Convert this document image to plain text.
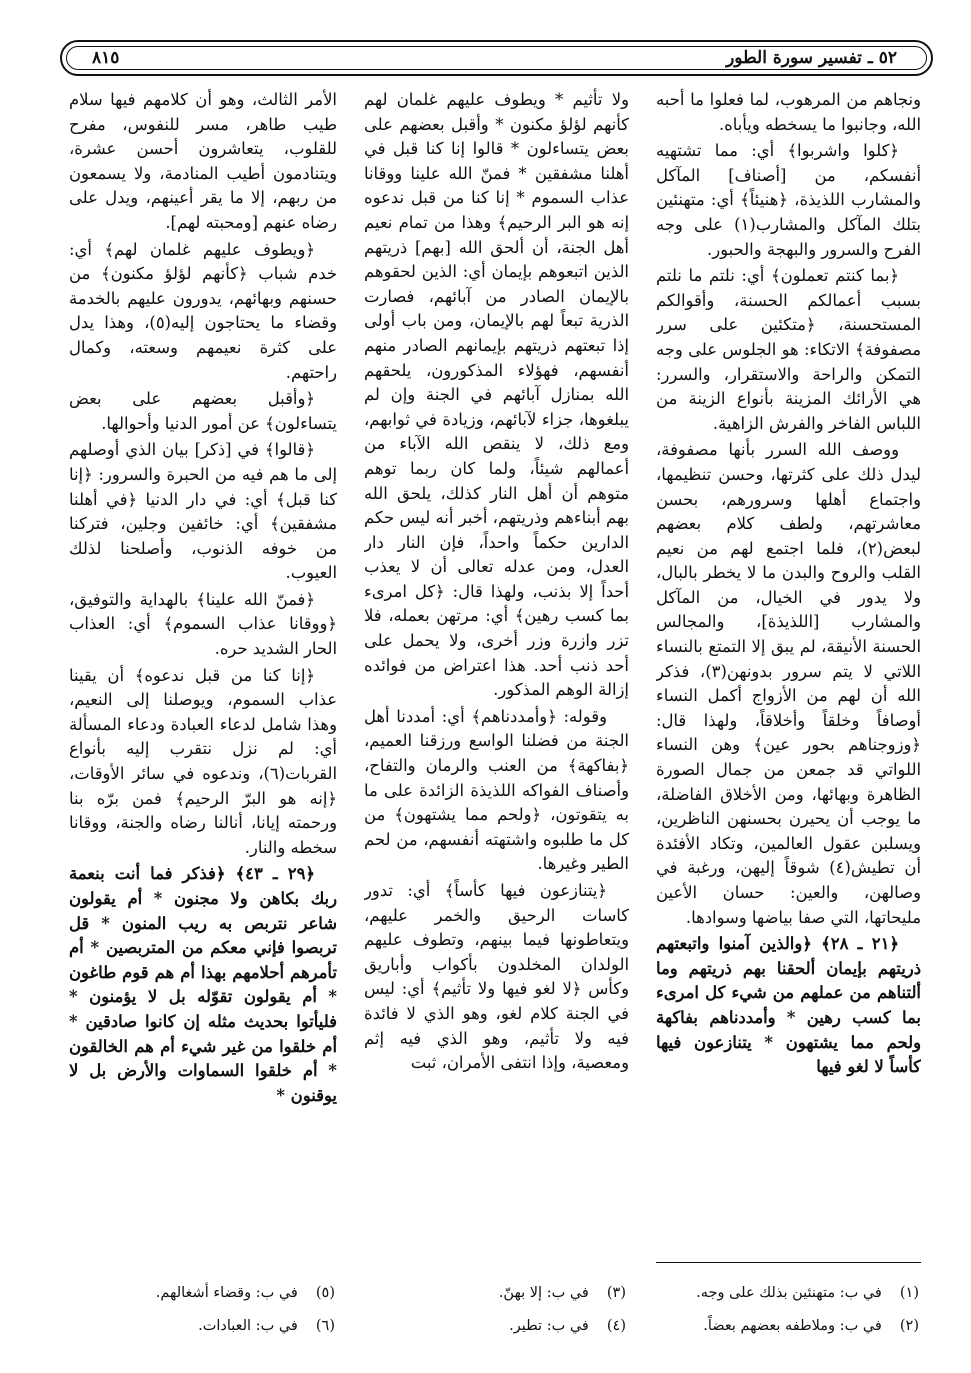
٥٢ ـ تفسير سورة الطور
٨١٥

ونجاهم من المرهوب، لما فعلوا ما أحبه الله، وجانبوا ما يسخطه ويأباه.

﴿كلوا واشربوا﴾ أي: مما تشتهيه أنفسكم، من [أصناف] المآكل والمشارب اللذيذة، ﴿هنيئاً﴾ أي: متهنئين بتلك المآكل والمشارب(١) على وجه الفرح والسرور والبهجة والحبور.

﴿بما كنتم تعملون﴾ أي: نلتم ما نلتم بسبب أعمالكم الحسنة، وأقوالكم المستحسنة، ﴿متكئين على سرر مصفوفة﴾ الاتكاء: هو الجلوس على وجه التمكن والراحة والاستقرار، والسرر: هي الأرائك المزينة بأنواع الزينة من اللباس الفاخر والفرش الزاهية.

ووصف الله السرر بأنها مصفوفة، ليدل ذلك على كثرتها، وحسن تنظيمها، واجتماع أهلها وسرورهم، بحسن معاشرتهم، ولطف كلام بعضهم لبعض(٢)، فلما اجتمع لهم من نعيم القلب والروح والبدن ما لا يخطر بالبال، ولا يدور في الخيال، من المآكل والمشارب [اللذيذة]، والمجالس الحسنة الأنيقة، لم يبق إلا التمتع بالنساء اللاتي لا يتم سرور بدونهن(٣)، فذكر الله أن لهم من الأزواج أكمل النساء أوصافاً وخلقاً وأخلاقاً، ولهذا قال: ﴿وزوجناهم بحور عين﴾ وهن النساء اللواتي قد جمعن من جمال الصورة الظاهرة وبهائها، ومن الأخلاق الفاضلة، ما يوجب أن يحيرن بحسنهن الناظرين، ويسلبن عقول العالمين، وتكاد الأفئدة أن تطيش(٤) شوقاً إليهن، ورغبة في وصالهن، والعين: حسان الأعين مليحاتها، التي صفا بياضها وسوادها.

﴿٢١ ـ ٢٨﴾ ﴿والذين آمنوا واتبعتهم ذريتهم بإيمان ألحقنا بهم ذريتهم وما ألتناهم من عملهم من شيء كل امرىء بما كسب رهين * وأمددناهم بفاكهة ولحم مما يشتهون * يتنازعون فيها كأساً لا لغو فيها

ولا تأثيم * ويطوف عليهم غلمان لهم كأنهم لؤلؤ مكنون * وأقبل بعضهم على بعض يتساءلون * قالوا إنا كنا قبل في أهلنا مشفقين * فمنّ الله علينا ووقانا عذاب السموم * إنا كنا من قبل ندعوه إنه هو البر الرحيم﴾ وهذا من تمام نعيم أهل الجنة، أن ألحق الله [بهم] ذريتهم الذين اتبعوهم بإيمان أي: الذين لحقوهم بالإيمان الصادر من آبائهم، فصارت الذرية تبعاً لهم بالإيمان، ومن باب أولى إذا تبعتهم ذريتهم بإيمانهم الصادر منهم أنفسهم، فهؤلاء المذكورون، يلحقهم الله بمنازل آبائهم في الجنة وإن لم يبلغوها، جزاء لآبائهم، وزيادة في ثوابهم، ومع ذلك، لا ينقص الله الآباء من أعمالهم شيئاً، ولما كان ربما توهم متوهم أن أهل النار كذلك، يلحق الله بهم أبناءهم وذريتهم، أخبر أنه ليس حكم الدارين حكماً واحداً، فإن النار دار العدل، ومن عدله تعالى أن لا يعذب أحداً إلا بذنب، ولهذا قال: ﴿كل امرىء بما كسب رهين﴾ أي: مرتهن بعمله، فلا تزر وازرة وزر أخرى، ولا يحمل على أحد ذنب أحد. هذا اعتراض من فوائده إزالة الوهم المذكور.

وقوله: ﴿وأمددناهم﴾ أي: أمددنا أهل الجنة من فضلنا الواسع ورزقنا العميم، ﴿بفاكهة﴾ من العنب والرمان والتفاح، وأصناف الفواكه اللذيذة الزائدة على ما به يتقوتون، ﴿ولحم مما يشتهون﴾ من كل ما طلبوه واشتهته أنفسهم، من لحم الطير وغيرها.

﴿يتنازعون فيها كأساً﴾ أي: تدور كاسات الرحيق والخمر عليهم، ويتعاطونها فيما بينهم، وتطوف عليهم الولدان المخلدون بأكواب وأباريق وكأس ﴿لا لغو فيها ولا تأثيم﴾ أي: ليس في الجنة كلام لغو، وهو الذي لا فائدة فيه ولا تأثيم، وهو الذي فيه إثم ومعصية، وإذا انتفى الأمران، ثبت

الأمر الثالث، وهو أن كلامهم فيها سلام طيب طاهر، مسر للنفوس، مفرح للقلوب، يتعاشرون أحسن عشرة، ويتنادمون أطيب المنادمة، ولا يسمعون من ربهم، إلا ما يقر أعينهم، ويدل على رضاه عنهم [ومحبته لهم].

﴿ويطوف عليهم غلمان لهم﴾ أي: خدم شباب ﴿كأنهم لؤلؤ مكنون﴾ من حسنهم وبهائهم، يدورون عليهم بالخدمة وقضاء ما يحتاجون إليه(٥)، وهذا يدل على كثرة نعيمهم وسعته، وكمال راحتهم.

﴿وأقبل بعضهم على بعض يتساءلون﴾ عن أمور الدنيا وأحوالها.

﴿قالوا﴾ في [ذكر] بيان الذي أوصلهم إلى ما هم فيه من الحبرة والسرور: ﴿إنا كنا قبل﴾ أي: في دار الدنيا ﴿في أهلنا مشفقين﴾ أي: خائفين وجلين، فتركنا من خوفه الذنوب، وأصلحنا لذلك العيوب.

﴿فمنّ الله علينا﴾ بالهداية والتوفيق، ﴿ووقانا عذاب السموم﴾ أي: العذاب الحار الشديد حره.

﴿إنا كنا من قبل ندعوه﴾ أن يقينا عذاب السموم، ويوصلنا إلى النعيم، وهذا شامل لدعاء العبادة ودعاء المسألة أي: لم نزل نتقرب إليه بأنواع القربات(٦)، وندعوه في سائر الأوقات، ﴿إنه هو البرّ الرحيم﴾ فمن برّه بنا ورحمته إيانا، أنالنا رضاه والجنة، ووقانا سخطه والنار.

﴿٢٩ ـ ٤٣﴾ ﴿فذكر فما أنت بنعمة ربك بكاهن ولا مجنون * أم يقولون شاعر نتربص به ريب المنون * قل تربصوا فإني معكم من المتربصين * أم تأمرهم أحلامهم بهذا أم هم قوم طاغون * أم يقولون تقوّله بل لا يؤمنون * فليأتوا بحديث مثله إن كانوا صادقين * أم خلقوا من غير شيء أم هم الخالقون * أم خلقوا السماوات والأرض بل لا يوقنون *

(١)في ب: متهنئين بذلك على وجه.
(٢)في ب: وملاطفه بعضهم بعضاً.
(٣)في ب: إلا بهنّ.
(٤)في ب: تطير.
(٥)في ب: وقضاء أشغالهم.
(٦)في ب: العبادات.
